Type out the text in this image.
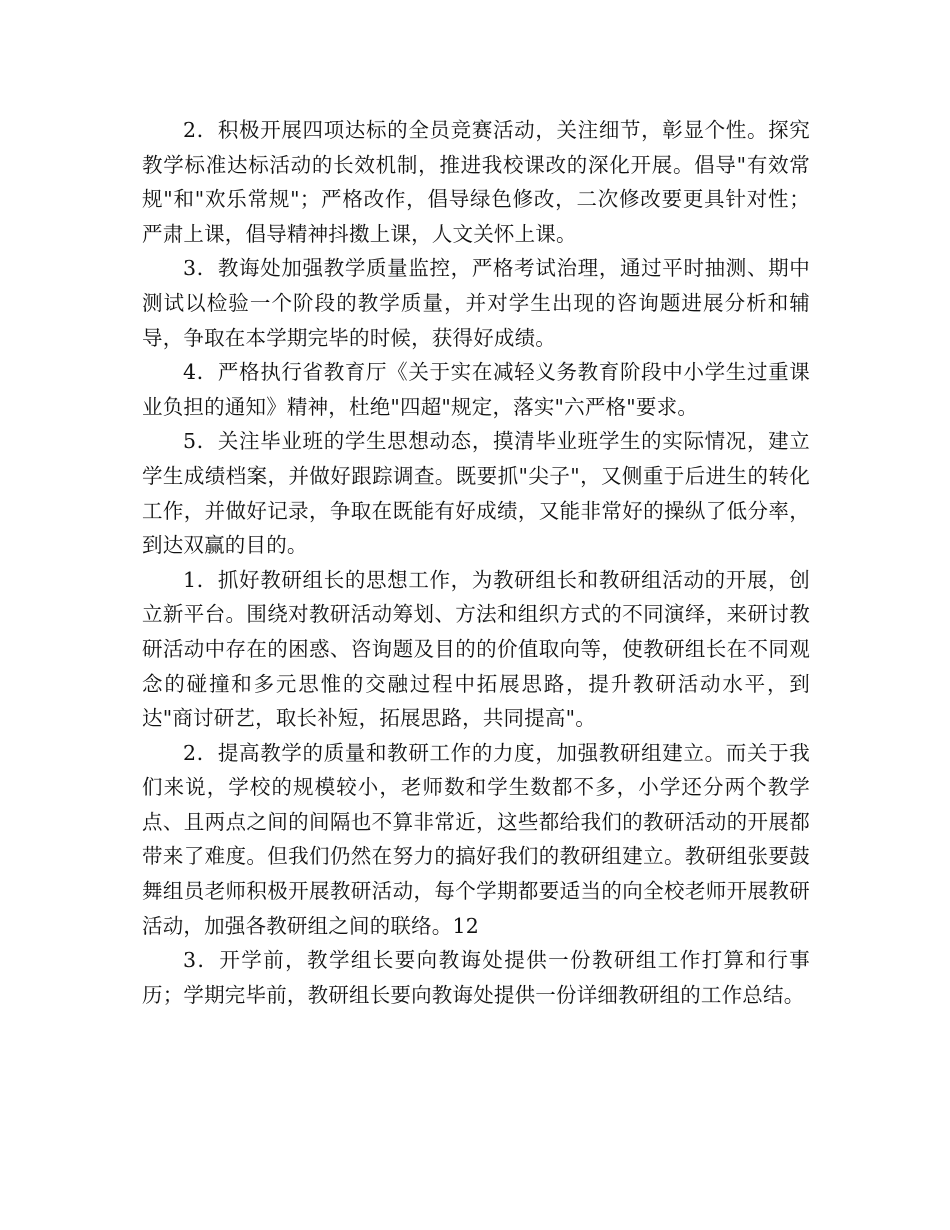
2．积极开展四项达标的全员竞赛活动，关注细节，彰显个性。探究教学标准达标活动的长效机制，推进我校课改的深化开展。倡导"有效常规"和"欢乐常规"；严格改作，倡导绿色修改，二次修改要更具针对性；严肃上课，倡导精神抖擞上课，人文关怀上课。

3．教诲处加强教学质量监控，严格考试治理，通过平时抽测、期中测试以检验一个阶段的教学质量，并对学生出现的咨询题进展分析和辅导，争取在本学期完毕的时候，获得好成绩。

4．严格执行省教育厅《关于实在减轻义务教育阶段中小学生过重课业负担的通知》精神，杜绝"四超"规定，落实"六严格"要求。

5．关注毕业班的学生思想动态，摸清毕业班学生的实际情况，建立学生成绩档案，并做好跟踪调查。既要抓"尖子"，又侧重于后进生的转化工作，并做好记录，争取在既能有好成绩，又能非常好的操纵了低分率，到达双赢的目的。

1．抓好教研组长的思想工作，为教研组长和教研组活动的开展，创立新平台。围绕对教研活动筹划、方法和组织方式的不同演绎，来研讨教研活动中存在的困惑、咨询题及目的的价值取向等，使教研组长在不同观念的碰撞和多元思惟的交融过程中拓展思路，提升教研活动水平，到达"商讨研艺，取长补短，拓展思路，共同提高"。

2．提高教学的质量和教研工作的力度，加强教研组建立。而关于我们来说，学校的规模较小，老师数和学生数都不多，小学还分两个教学点、且两点之间的间隔也不算非常近，这些都给我们的教研活动的开展都带来了难度。但我们仍然在努力的搞好我们的教研组建立。教研组张要鼓舞组员老师积极开展教研活动，每个学期都要适当的向全校老师开展教研活动，加强各教研组之间的联络。12

3．开学前，教学组长要向教诲处提供一份教研组工作打算和行事历；学期完毕前，教研组长要向教诲处提供一份详细教研组的工作总结。
